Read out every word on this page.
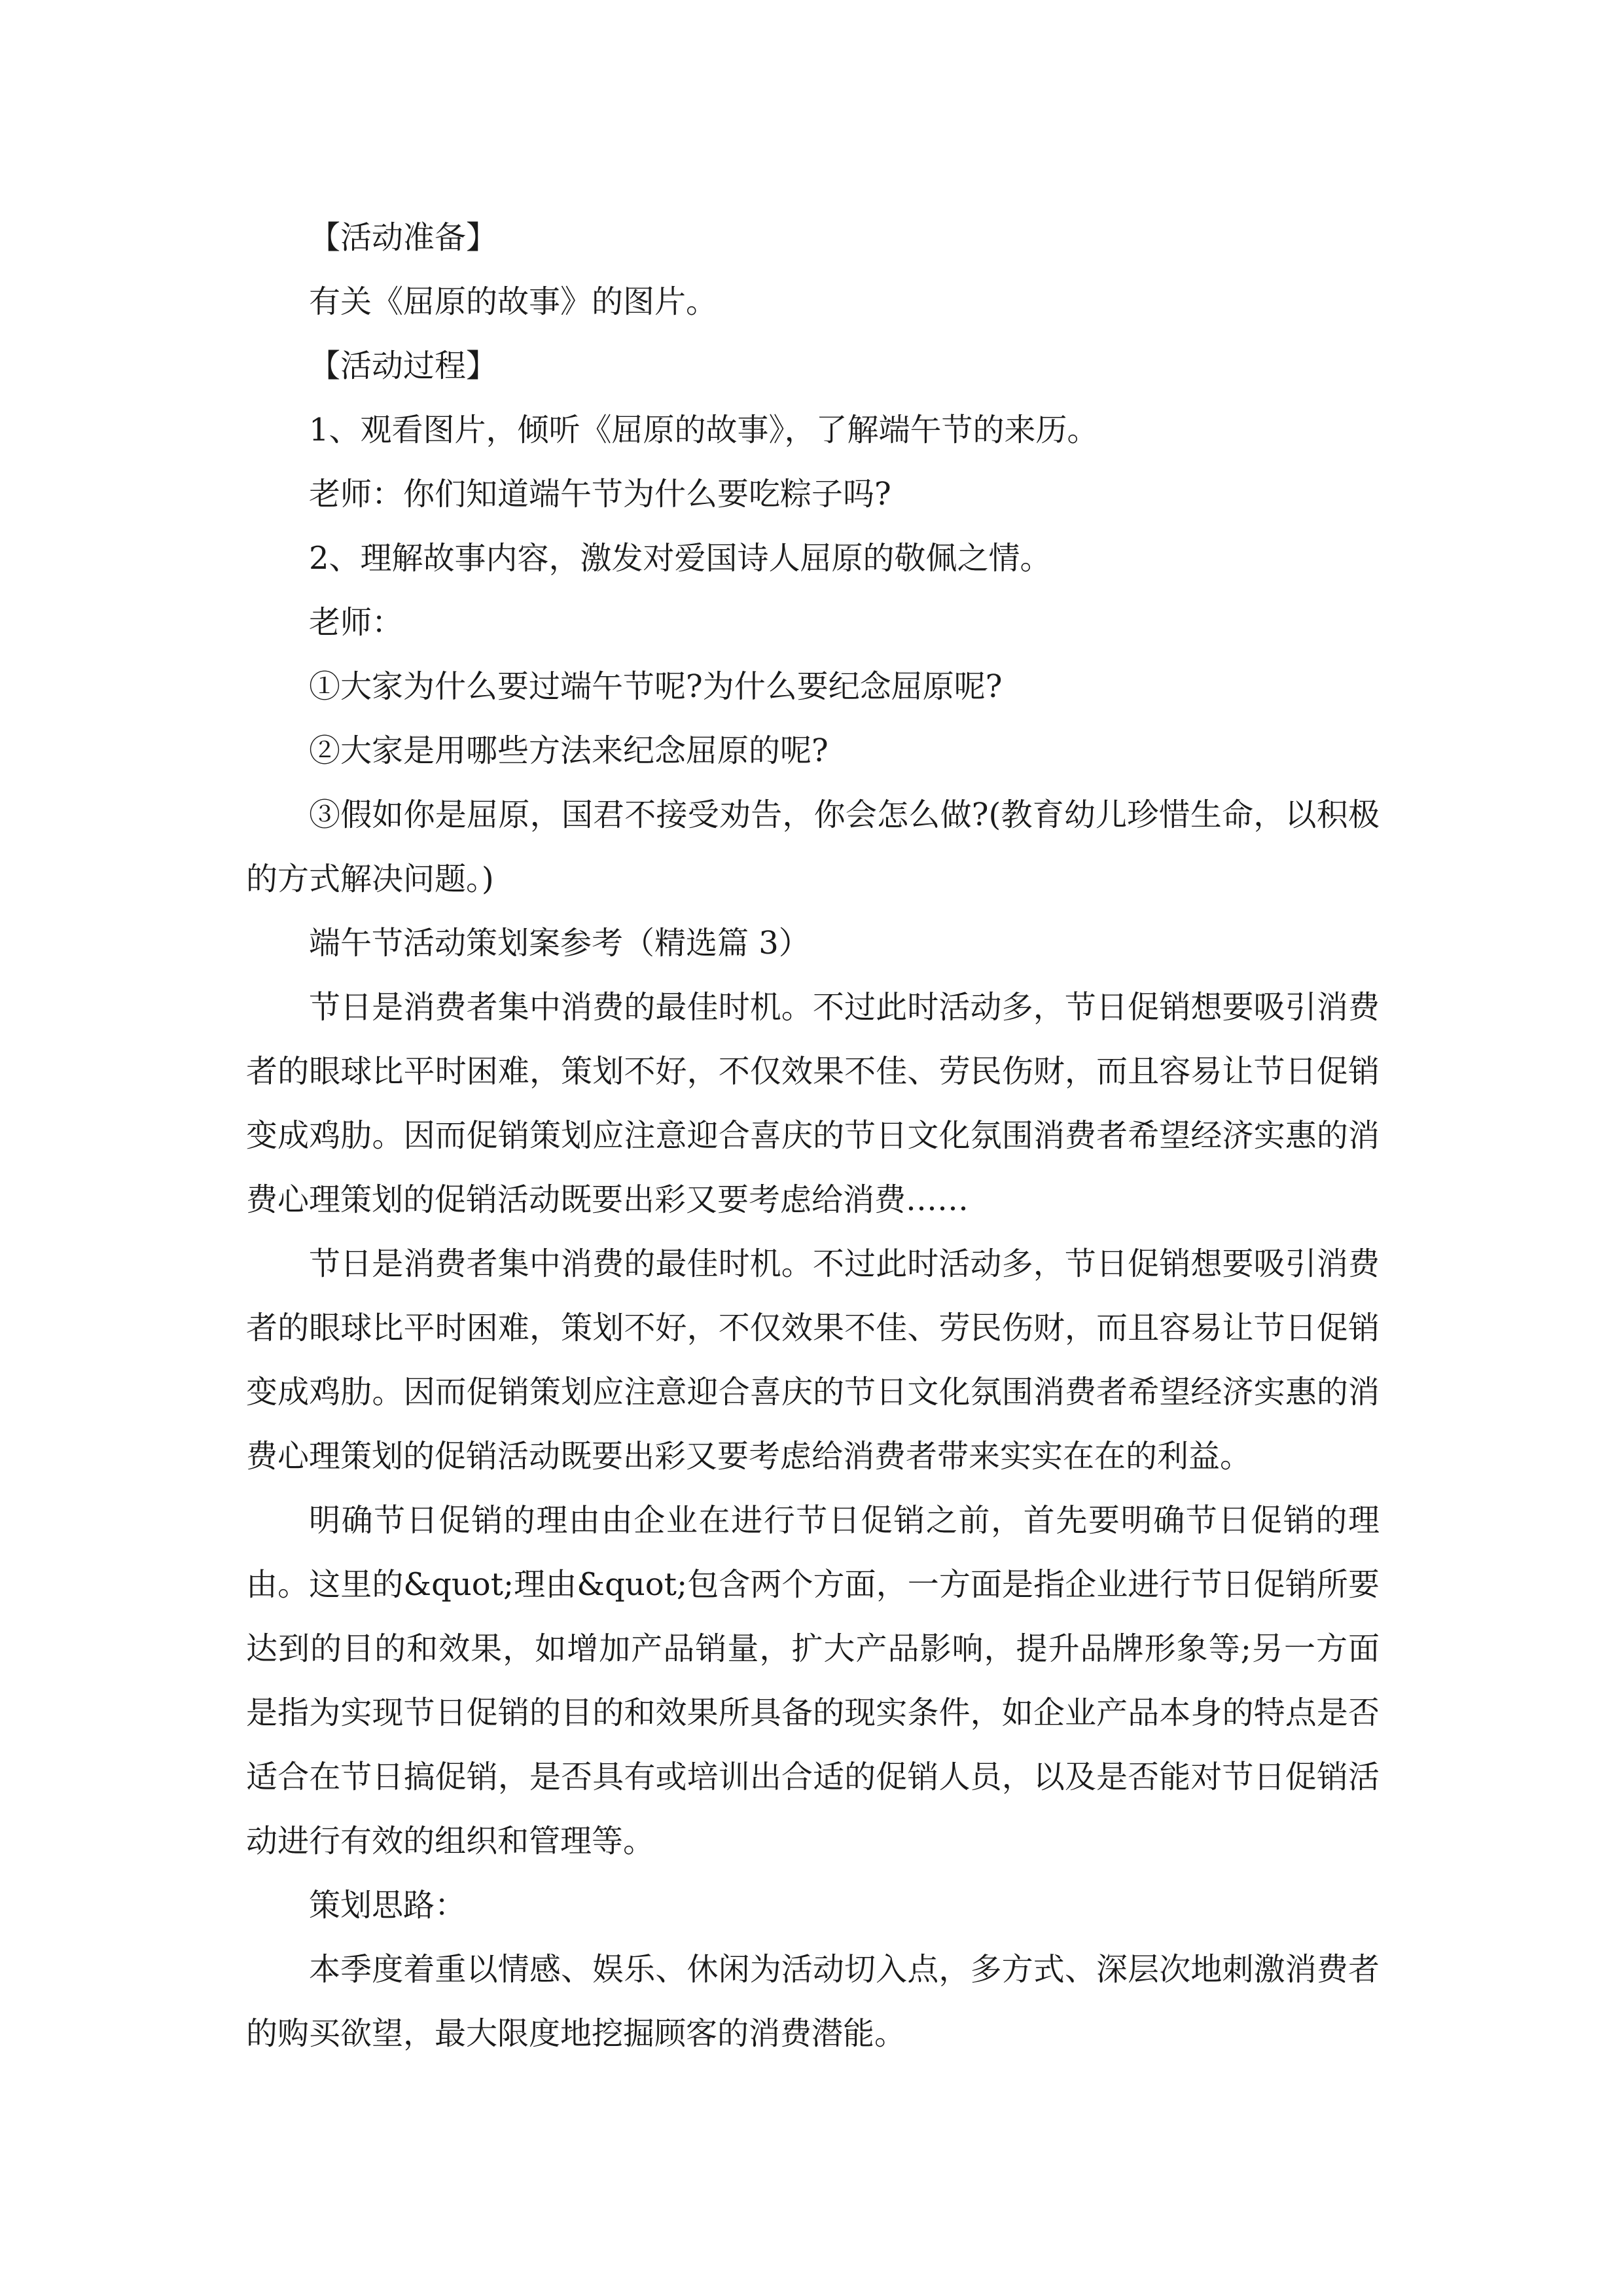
【活动准备】

有关《屈原的故事》的图片。

【活动过程】

1、观看图片，倾听《屈原的故事》，了解端午节的来历。

老师：你们知道端午节为什么要吃粽子吗?

2、理解故事内容，激发对爱国诗人屈原的敬佩之情。

老师：

①大家为什么要过端午节呢?为什么要纪念屈原呢?

②大家是用哪些方法来纪念屈原的呢?

③假如你是屈原，国君不接受劝告，你会怎么做?(教育幼儿珍惜生命，以积极的方式解决问题。)

端午节活动策划案参考（精选篇 3）

节日是消费者集中消费的最佳时机。不过此时活动多，节日促销想要吸引消费者的眼球比平时困难，策划不好，不仅效果不佳、劳民伤财，而且容易让节日促销变成鸡肋。因而促销策划应注意迎合喜庆的节日文化氛围消费者希望经济实惠的消费心理策划的促销活动既要出彩又要考虑给消费……

节日是消费者集中消费的最佳时机。不过此时活动多，节日促销想要吸引消费者的眼球比平时困难，策划不好，不仅效果不佳、劳民伤财，而且容易让节日促销变成鸡肋。因而促销策划应注意迎合喜庆的节日文化氛围消费者希望经济实惠的消费心理策划的促销活动既要出彩又要考虑给消费者带来实实在在的利益。

明确节日促销的理由由企业在进行节日促销之前，首先要明确节日促销的理由。这里的&quot;理由&quot;包含两个方面，一方面是指企业进行节日促销所要达到的目的和效果，如增加产品销量，扩大产品影响，提升品牌形象等;另一方面是指为实现节日促销的目的和效果所具备的现实条件，如企业产品本身的特点是否适合在节日搞促销，是否具有或培训出合适的促销人员，以及是否能对节日促销活动进行有效的组织和管理等。

策划思路：

本季度着重以情感、娱乐、休闲为活动切入点，多方式、深层次地刺激消费者的购买欲望，最大限度地挖掘顾客的消费潜能。
